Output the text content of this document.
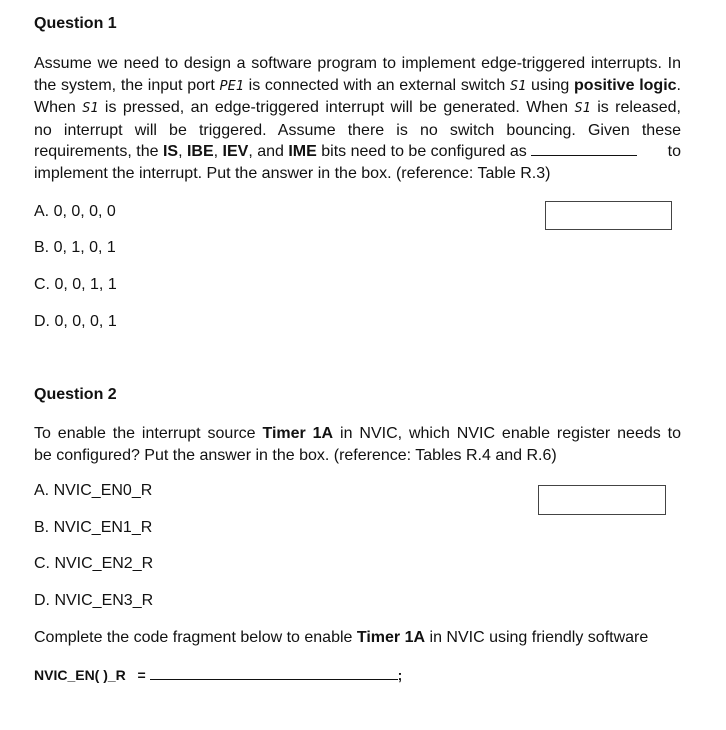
Question 1
Assume we need to design a software program to implement edge-triggered interrupts. In
the system, the input port PE1 is connected with an external switch S1 using positive logic.
When S1 is pressed, an edge-triggered interrupt will be generated. When S1 is released,
no interrupt will be triggered. Assume there is no switch bouncing. Given these
requirements, the IS, IBE, IEV, and IME bits need to be configured as	to
implement the interrupt. Put the answer in the box. (reference: Table R.3)
A. 0, 0, 0, 0
B. 0, 1, 0, 1
C. 0, 0, 1, 1
D. 0, 0, 0, 1
Question 2
To enable the interrupt source Timer 1A in NVIC, which NVIC enable register needs to
be configured? Put the answer in the box. (reference: Tables R.4 and R.6)
A. NVIC_EN0_R
B. NVIC_EN1_R
C. NVIC_EN2_R
D. NVIC_EN3_R
Complete the code fragment below to enable Timer 1A in NVIC using friendly software
NVIC_EN( )_R =	;
